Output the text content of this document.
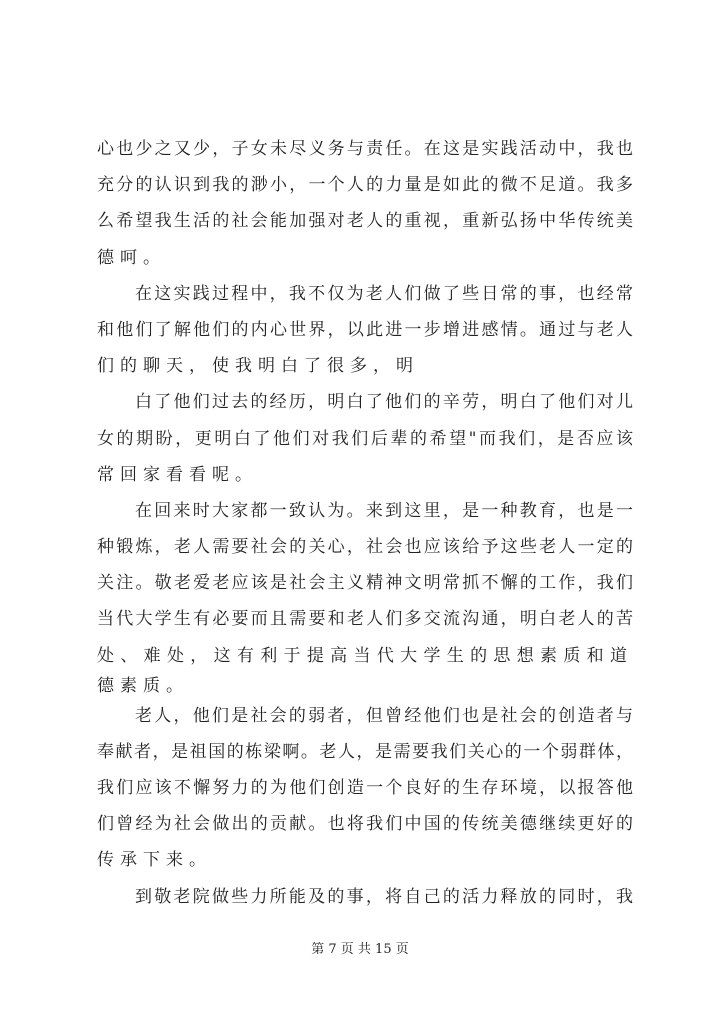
心也少之又少，子女未尽义务与责任。在这是实践活动中，我也
充分的认识到我的渺小，一个人的力量是如此的微不足道。我多
么希望我生活的社会能加强对老人的重视，重新弘扬中华传统美
德呵。
在这实践过程中，我不仅为老人们做了些日常的事，也经常
和他们了解他们的内心世界，以此进一步增进感情。通过与老人
们的聊天，使我明白了很多，明
白了他们过去的经历，明白了他们的辛劳，明白了他们对儿
女的期盼，更明白了他们对我们后辈的希望"而我们，是否应该
常回家看看呢。
在回来时大家都一致认为。来到这里，是一种教育，也是一
种锻炼，老人需要社会的关心，社会也应该给予这些老人一定的
关注。敬老爱老应该是社会主义精神文明常抓不懈的工作，我们
当代大学生有必要而且需要和老人们多交流沟通，明白老人的苦
处、难处，这有利于提高当代大学生的思想素质和道德素质。
老人，他们是社会的弱者，但曾经他们也是社会的创造者与
奉献者，是祖国的栋梁啊。老人，是需要我们关心的一个弱群体，
我们应该不懈努力的为他们创造一个良好的生存环境，以报答他
们曾经为社会做出的贡献。也将我们中国的传统美德继续更好的
传承下来。
到敬老院做些力所能及的事，将自己的活力释放的同时，我
第 7 页 共 15 页
